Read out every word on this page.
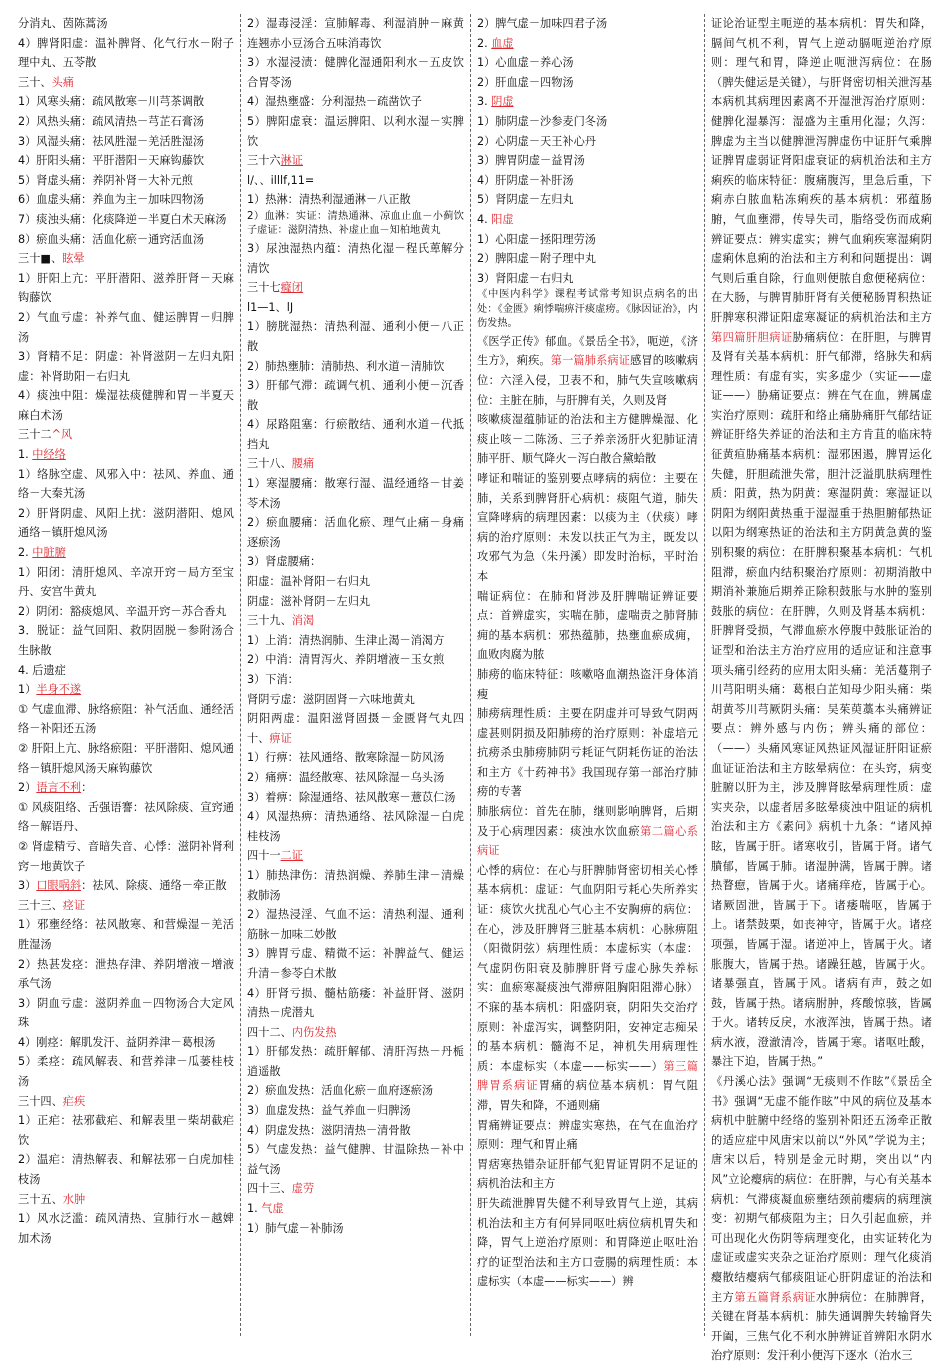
分消丸、茵陈蒿汤

4）脾肾阳虚：温补脾肾、化气行水－附子理中丸、五苓散

三十、头痛

1）风寒头痛：疏风散寒－川芎茶调散

2）风热头痛：疏风清热－芎芷石膏汤

3）风湿头痛：祛风胜湿－羌活胜湿汤

4）肝阳头痛：平肝潜阳－天麻钩藤饮

5）肾虚头痛：养阴补肾－大补元煎

6）血虚头痛：养血为主－加味四物汤

7）痰浊头痛：化痰降逆－半夏白术天麻汤

8）瘀血头痛：活血化瘀－通窍活血汤

三十■、眩晕

1）肝阳上亢：平肝潜阳、滋养肝肾－天麻钩藤饮

2）气血亏虚：补养气血、健运脾胃－归脾汤

3）肾精不足：阴虚：补肾滋阴－左归丸阳虚：补肾助阳－右归丸

4）痰浊中阻：燥湿祛痰健脾和胃－半夏天麻白术汤

三十二^风

1. 中经络

1）络脉空虚、风邪入中：祛风、养血、通络－大秦艽汤

2）肝肾阴虚、风阳上扰：滋阴潜阳、熄风通络－镇肝熄风汤

2. 中脏腑

1）阳闭：清肝熄风、辛凉开窍－局方至宝丹、安宫牛黄丸

2）阴闭：豁痰熄风、辛温开窍－苏合香丸

3．脱证：益气回阳、救阴固脱－参附汤合生脉散

4. 后遗症

1）半身不遂

① 气虚血滞、脉络瘀阻：补气活血、通经活络－补阳还五汤

② 肝阳上亢、脉络瘀阻：平肝潜阳、熄风通络－镇肝熄风汤天麻钩藤饮

2）语言不利：

① 风痰阻络、舌强语謇：祛风除痰、宣窍通络－解语丹、

② 肾虚精亏、音暗失音、心悸：滋阴补肾利窍－地黄饮子

3）口眼㖞斜：祛风、除痰、通络－牵正散

三十三、痉证

1）邪壅经络：祛风散寒、和营燥湿－羌活胜湿汤

2）热甚发痉：泄热存津、养阴增液－增液承气汤

3）阴血亏虚：滋阴养血－四物汤合大定风珠

4）刚痉：解肌发汗、益阴养津－葛根汤

5）柔痉：疏风解表、和营养津－瓜蒌桂枝汤

三十四、疟疾

1）正疟：祛邪截疟、和解表里－柴胡截疟饮

2）温疟：清热解表、和解祛邪－白虎加桂枝汤

三十五、水肿

1）风水泛滥：疏风清热、宣肺行水－越婢加术汤

2）湿毒浸淫：宣肺解毒、利湿消肿－麻黄连翘赤小豆汤合五味消毒饮

3）水湿浸渍：健脾化湿通阳利水－五皮饮合胃苓汤

4）湿热壅盛：分利湿热－疏凿饮子

5）脾阳虚衰：温运脾阳、以利水湿－实脾饮

三十六淋证

l/、、illlf,11=

1）热淋：清热利湿通淋－八正散

2）血淋：实证：清热通淋、凉血止血－小蓟饮子虚证：滋阴清热、补虚止血－知柏地黄丸

3）尿浊湿热内蕴：清热化湿－程氏萆解分清饮

三十七癃闭

l1—1、lJ

1）膀胱湿热：清热利湿、通利小便－八正散

2）肺热壅肺：清肺热、利水道－清肺饮

3）肝郁气滞：疏调气机、通利小便－沉香散

4）尿路阻塞：行瘀散结、通利水道－代抵挡丸

三十八、腰痛

1）寒湿腰痛：散寒行湿、温经通络－甘姜苓术汤

2）瘀血腰痛：活血化瘀、理气止痛－身痛逐瘀汤

3）肾虚腰痛：

阳虚：温补肾阳－右归丸

阴虚：滋补肾阴－左归丸

三十九、消渴

1）上消：清热润肺、生津止渴－消渴方

2）中消：清胃泻火、养阴增液－玉女煎

3）下消：

肾阴亏虚：滋阴固肾－六味地黄丸

阴阳两虚：温阳滋肾固摄－金匮肾气丸四十、痹证

1）行痹：祛风通络、散寒除湿－防风汤

2）痛痹：温经散寒、祛风除湿－乌头汤

3）着痹：除湿通络、祛风散寒－薏苡仁汤

4）风湿热痹：清热通络、祛风除湿－白虎桂枝汤

四十一二证

1）肺热津伤：清热润燥、养肺生津－清燥救肺汤

2）湿热浸淫、气血不运：清热利湿、通利筋脉－加味二妙散

3）脾胃亏虚、精微不运：补脾益气、健运升清－参苓白术散

4）肝肾亏损、髓枯筋痿：补益肝肾、滋阴清热－虎潜丸

四十二、内伤发热

1）肝郁发热：疏肝解郁、清肝泻热－丹栀逍遥散

2）瘀血发热：活血化瘀－血府逐瘀汤

3）血虚发热：益气养血－归脾汤

4）阴虚发热：滋阴清热－清骨散

5）气虚发热：益气健脾、甘温除热－补中益气汤

四十三、虚劳

1. 气虚

1）肺气虚－补肺汤

2）脾气虚－加味四君子汤

2. 血虚

1）心血虚－养心汤

2）肝血虚－四物汤

3. 阴虚

1）肺阴虚－沙参麦门冬汤

2）心阴虚－天王补心丹

3）脾胃阴虚－益胃汤

4）肝阴虚－补肝汤

5）肾阴虚－左归丸

4. 阳虚

1）心阳虚－拯阳理劳汤

2）脾阳虚－附子理中丸

3）肾阳虚－右归丸

《中医内科学》课程考试常考知识点病名的出处：《金匮》痢悸喘痹汗痰虚痨。《脉因证治》，内伤发热。

《医学正传》郁血。《景岳全书》，呃逆，《济生方》，痢疾。第一篇肺系病证感冒的咳嗽病位：六淫入侵，卫表不和，肺气失宣咳嗽病位：主脏在肺，与肝脾有关，久则及肾

咳嗽痰湿蕴肺证的治法和主方健脾燥湿、化痰止咳－二陈汤、三子养亲汤肝火犯肺证清肺平肝、顺气降火－泻白散合黛蛤散

哮证和喘证的鉴别要点哮病的病位：主要在肺，关系到脾肾肝心病机：痰阻气道，肺失宣降哮病的病理因素：以痰为主（伏痰）哮病的治疗原则：未发以扶正气为主，既发以攻邪气为急（朱丹溪）即发时治标，平时治本

喘证病位：在肺和肾涉及肝脾喘证辨证要点：首辨虚实，实喘在肺，虚喘责之肺肾肺痈的基本病机：邪热蕴肺，热壅血瘀成痈，血败肉腐为脓

肺痨的临床特征：咳嗽咯血潮热盗汗身体消瘦

肺痨病理性质：主要在阴虚并可导致气阴两虚甚则阴损及阳肺痨的治疗原则：补虚培元抗痨杀虫肺痨肺阴亏耗证气阴耗伤证的治法和主方《十药神书》我国现存第一部治疗肺痨的专著

肺胀病位：首先在肺，继则影响脾肾，后期及于心病理因素：痰浊水饮血瘀第二篇心系病证

心悸的病位：在心与肝脾肺肾密切相关心悸基本病机：虚证：气血阴阳亏耗心失所养实证：痰饮火扰乱心气心主不安胸痹的病位：在心，涉及肝脾肾三脏基本病机：心脉痹阻（阳微阴弦）病理性质：本虚标实（本虚：气虚阴伤阳衰及肺脾肝肾亏虚心脉失养标实：血瘀寒凝痰浊气滞痹阻胸阳阻滞心脉）不寐的基本病机：阳盛阴衰，阴阳失交治疗原则：补虚泻实，调整阴阳，安神定志痴呆的基本病机：髓海不足，神机失用病理性质：本虚标实（本虚——标实——）第三篇脾胃系病证胃痛的病位基本病机：胃气阻滞，胃失和降，不通则痛

胃痛辨证要点：辨虚实寒热，在气在血治疗原则：理气和胃止痛

胃痞寒热错杂证肝郁气犯胃证胃阴不足证的病机治法和主方

肝失疏泄脾胃失健不利导致胃气上逆，其病机治法和主方有何异同呕吐病位病机胃失和降，胃气上逆治疗原则：和胃降逆止呕吐治疗的证型治法和主方口壹腸的病理性质：本虚标实（本虚——标实——）辨

证论治证型主呃逆的基本病机：胃失和降，膈间气机不利，胃气上逆动膈呃逆治疗原则：理气和胃，降逆止呃泄泻病位：在肠（脾失健运是关键），与肝肾密切相关泄泻基本病机其病理因素离不开湿泄泻治疗原则：健脾化湿暴泻：湿盛为主重用化湿；久泻：脾虚为主当以健脾泄泻脾虚伤中证肝气乘脾证脾胃虚弱证肾阳虚衰证的病机治法和主方痢疾的临床特征：腹痛腹泻，里急后重，下痢赤白脓血粘冻痢疾的基本病机：邪蕴肠腑，气血壅滞，传导失司，脂络受伤而成痢辨证要点：辨实虚实；辨气血痢疾寒湿痢阴虚痢休息痢的治法和主方利和问题提出：调气则后重自除，行血则便脓自愈便秘病位：在大肠，与脾胃肺肝肾有关便秘肠胃积热证肝脾寒积滞证阳虚寒凝证的病机治法和主方第四篇肝胆病证胁痛病位：在肝胆，与脾胃及肾有关基本病机：肝气郁滞，络脉失和病理性质：有虚有实，实多虚少（实证——虚证——）胁痛证要点：辨在气在血，辨属虚实治疗原则：疏肝和络止痛胁痛肝气郁结证辨证肝络失养证的治法和主方肯苴的临床特征黄疸胁痛基本病机：湿邪困遏，脾胃运化失健，肝胆疏泄失常，胆汁泛溢肌肤病理性质：阳黄，热为阴黄：寒湿阴黄：寒湿证以阴阳为纲阳黄热重于湿湿重于热胆腑郁热证以阳为纲寒热证的治法和主方阴黄急黄的鉴别积聚的病位：在肝脾积聚基本病机：气机阻滞，瘀血内结积聚治疗原则：初期消散中期消补兼施后期养正除积鼓胀与水肿的鉴别鼓胀的病位：在肝脾，久则及肾基本病机：肝脾肾受损，气滞血瘀水停腹中鼓胀证治的证型和治法主方治疗应用的适应证和注意事项头痛引经药的应用太阳头痛：羌活蔓荆子川芎阳明头痛：葛根白芷知母少阳头痛：柴胡黄芩川芎厥阴头痛：吴茱萸藁本头痛辨证要点：辨外感与内伤；辨头痛的部位：（——）头痛风寒证风热证风湿证肝阳证瘀血证证治法和主方眩晕病位：在头窍，病变脏腑以肝为主，涉及脾肾眩晕病理性质：虚实夹杂，以虚者居多眩晕痰浊中阻证的病机治法和主方《素问》病机十九条：“诸风掉眩，皆属于肝。诸寒收引，皆属于肾。诸气膹郁，皆属于肺。诸湿肿满，皆属于脾。诸热瞀瘛，皆属于火。诸痛痒疮，皆属于心。诸厥固泄，皆属于下。诸痿喘呕，皆属于上。诸禁鼓栗，如丧神守，皆属于火。诸痉项强，皆属于湿。诸逆冲上，皆属于火。诸胀腹大，皆属于热。诸躁狂越，皆属于火。诸暴强直，皆属于风。诸病有声，鼓之如鼓，皆属于热。诸病胕肿，疼酸惊骇，皆属于火。诸转反戾，水液浑浊，皆属于热。诸病水液，澄澈清冷，皆属于寒。诸呕吐酸，暴注下迫，皆属于热。”

《丹溪心法》强调“无痰则不作眩”《景岳全书》强调“无虚不能作眩”中风的病位及基本病机中脏腑中经络的鉴别补阳还五汤牵正散的适应症中风唐宋以前以“外风”学说为主；唐宋以后，特别是金元时期，突出以“内风”立论瘿病的病位：在肝脾，与心有关基本病机：气滞痰凝血瘀壅结颈前瘿病的病理演变：初期气郁痰阻为主；日久引起血瘀，并可出现化火伤阴等病理变化，由实证转化为虚证或虚实夹杂之证治疗原则：理气化痰消瘿散结瘿病气郁痰阻证心肝阴虚证的治法和主方第五篇肾系病证水肿病位：在肺脾肾，关键在肾基本病机：肺失通调脾失转输肾失开阖，三焦气化不利水肿辨证首辨阳水阴水治疗原则：发汗利小便泻下逐水（治水三
